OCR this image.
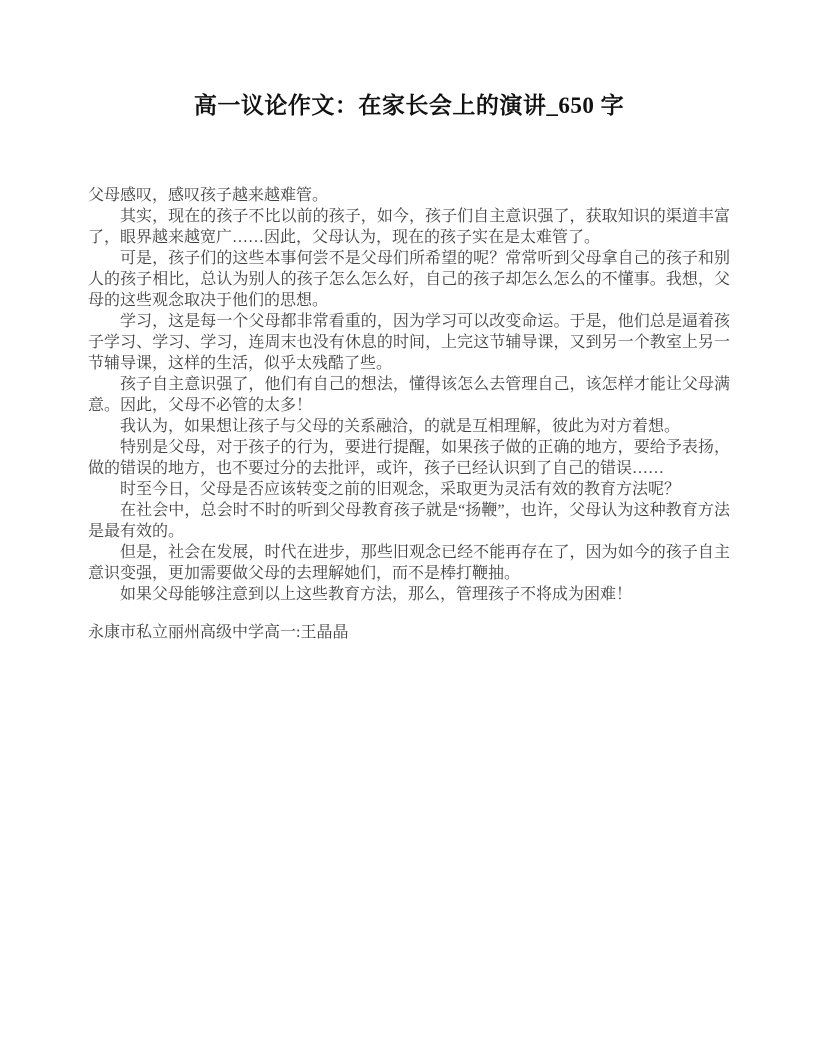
高一议论作文：在家长会上的演讲_650 字

父母感叹，感叹孩子越来越难管。

其实，现在的孩子不比以前的孩子，如今，孩子们自主意识强了，获取知识的渠道丰富了，眼界越来越宽广……因此，父母认为，现在的孩子实在是太难管了。

可是，孩子们的这些本事何尝不是父母们所希望的呢？常常听到父母拿自己的孩子和别人的孩子相比，总认为别人的孩子怎么怎么好，自己的孩子却怎么怎么的不懂事。我想，父母的这些观念取决于他们的思想。

学习，这是每一个父母都非常看重的，因为学习可以改变命运。于是，他们总是逼着孩子学习、学习、学习，连周末也没有休息的时间，上完这节辅导课，又到另一个教室上另一节辅导课，这样的生活，似乎太残酷了些。

孩子自主意识强了，他们有自己的想法，懂得该怎么去管理自己，该怎样才能让父母满意。因此，父母不必管的太多！

我认为，如果想让孩子与父母的关系融洽，的就是互相理解，彼此为对方着想。

特别是父母，对于孩子的行为，要进行提醒，如果孩子做的正确的地方，要给予表扬，做的错误的地方，也不要过分的去批评，或许，孩子已经认识到了自己的错误……

时至今日，父母是否应该转变之前的旧观念，采取更为灵活有效的教育方法呢？

在社会中，总会时不时的听到父母教育孩子就是“扬鞭”，也许，父母认为这种教育方法是最有效的。

但是，社会在发展，时代在进步，那些旧观念已经不能再存在了，因为如今的孩子自主意识变强，更加需要做父母的去理解她们，而不是棒打鞭抽。

如果父母能够注意到以上这些教育方法，那么，管理孩子不将成为困难！

永康市私立丽州高级中学高一:王晶晶
